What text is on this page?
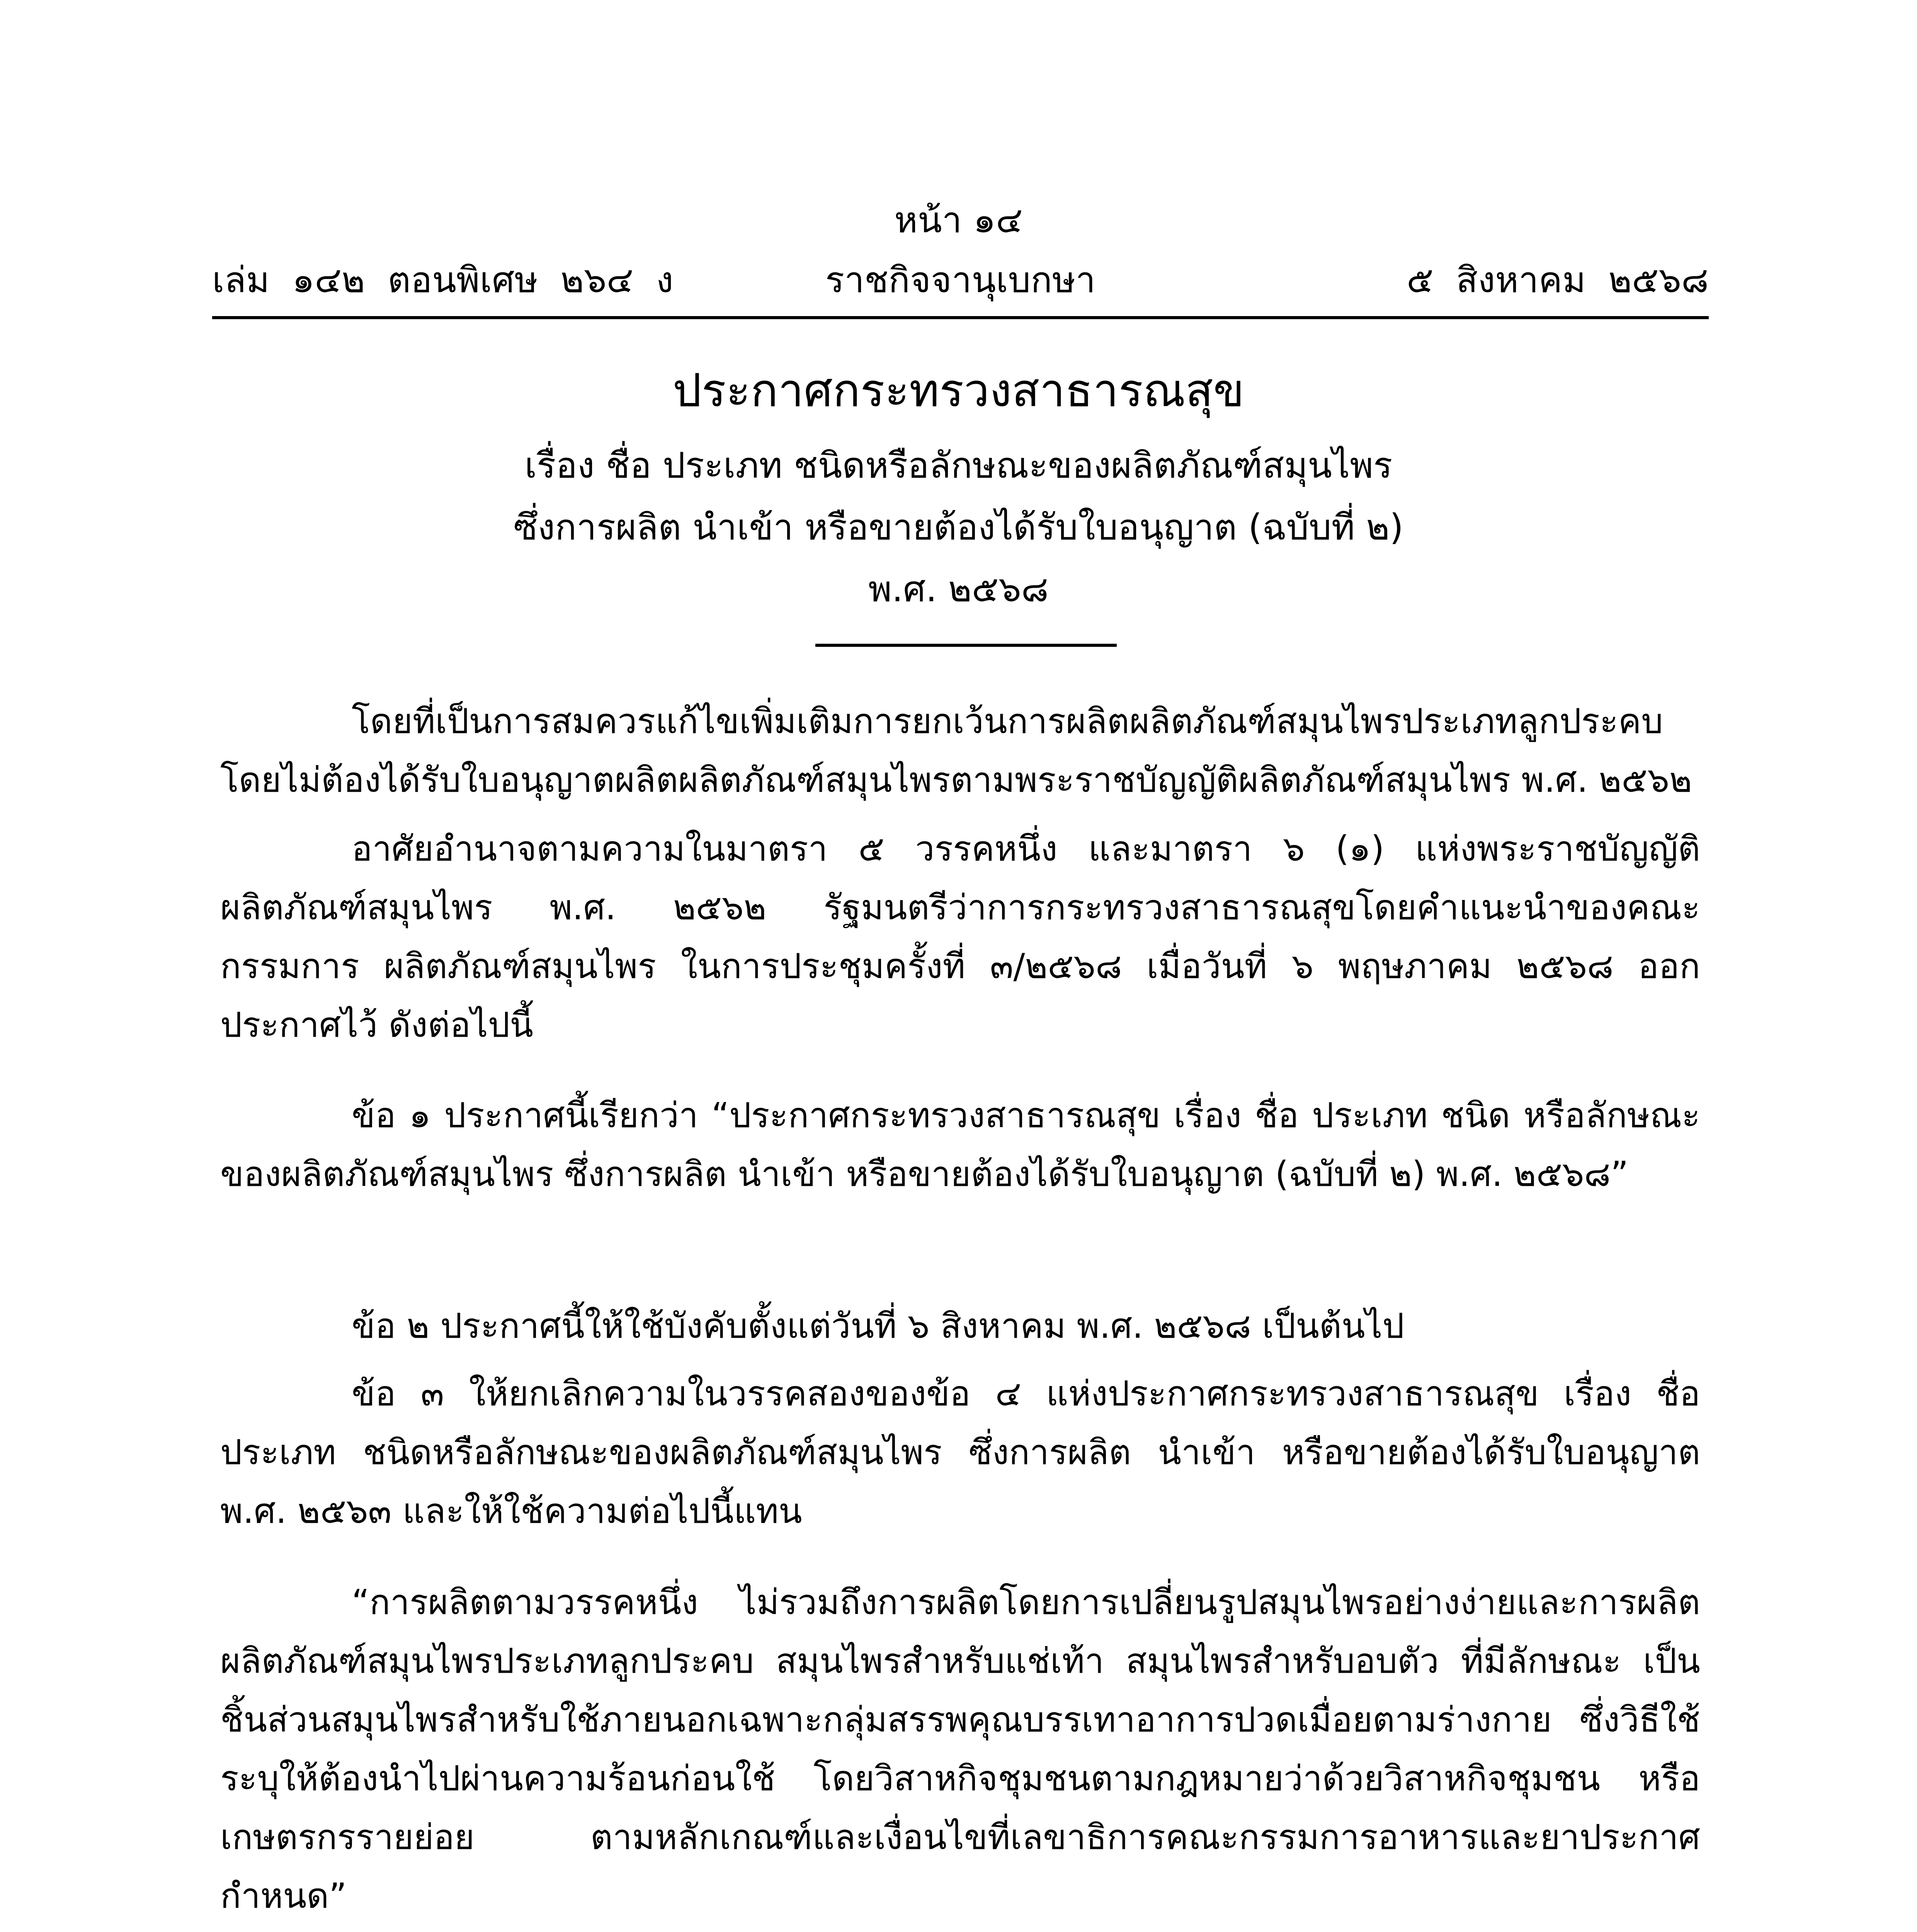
หน้า ๑๔
เล่ม  ๑๔๒  ตอนพิเศษ  ๒๖๔  ง	ราชกิจจานุเบกษา	๕  สิงหาคม  ๒๕๖๘
ประกาศกระทรวงสาธารณสุข
เรื่อง ชื่อ ประเภท ชนิดหรือลักษณะของผลิตภัณฑ์สมุนไพร
ซึ่งการผลิต นำเข้า หรือขายต้องได้รับใบอนุญาต (ฉบับที่ ๒)
พ.ศ. ๒๕๖๘
โดยที่เป็นการสมควรแก้ไขเพิ่มเติมการยกเว้นการผลิตผลิตภัณฑ์สมุนไพรประเภทลูกประคบ โดยไม่ต้องได้รับใบอนุญาตผลิตผลิตภัณฑ์สมุนไพรตามพระราชบัญญัติผลิตภัณฑ์สมุนไพร พ.ศ. ๒๕๖๒
อาศัยอำนาจตามความในมาตรา ๕ วรรคหนึ่ง และมาตรา ๖ (๑) แห่งพระราชบัญญัติ ผลิตภัณฑ์สมุนไพร พ.ศ. ๒๕๖๒ รัฐมนตรีว่าการกระทรวงสาธารณสุขโดยคำแนะนำของคณะกรรมการ ผลิตภัณฑ์สมุนไพร ในการประชุมครั้งที่ ๓/๒๕๖๘ เมื่อวันที่ ๖ พฤษภาคม ๒๕๖๘ ออกประกาศไว้ ดังต่อไปนี้
ข้อ ๑ ประกาศนี้เรียกว่า “ประกาศกระทรวงสาธารณสุข เรื่อง ชื่อ ประเภท ชนิด หรือลักษณะของผลิตภัณฑ์สมุนไพร ซึ่งการผลิต นำเข้า หรือขายต้องได้รับใบอนุญาต (ฉบับที่ ๒) พ.ศ. ๒๕๖๘”
ข้อ ๒ ประกาศนี้ให้ใช้บังคับตั้งแต่วันที่ ๖ สิงหาคม พ.ศ. ๒๕๖๘ เป็นต้นไป
ข้อ ๓ ให้ยกเลิกความในวรรคสองของข้อ ๔ แห่งประกาศกระทรวงสาธารณสุข เรื่อง ชื่อ ประเภท ชนิดหรือลักษณะของผลิตภัณฑ์สมุนไพร ซึ่งการผลิต นำเข้า หรือขายต้องได้รับใบอนุญาต พ.ศ. ๒๕๖๓ และให้ใช้ความต่อไปนี้แทน
“การผลิตตามวรรคหนึ่ง ไม่รวมถึงการผลิตโดยการเปลี่ยนรูปสมุนไพรอย่างง่ายและการผลิต ผลิตภัณฑ์สมุนไพรประเภทลูกประคบ สมุนไพรสำหรับแช่เท้า สมุนไพรสำหรับอบตัว ที่มีลักษณะ เป็นชิ้นส่วนสมุนไพรสำหรับใช้ภายนอกเฉพาะกลุ่มสรรพคุณบรรเทาอาการปวดเมื่อยตามร่างกาย ซึ่งวิธีใช้ระบุให้ต้องนำไปผ่านความร้อนก่อนใช้ โดยวิสาหกิจชุมชนตามกฎหมายว่าด้วยวิสาหกิจชุมชน หรือเกษตรกรรายย่อย ตามหลักเกณฑ์และเงื่อนไขที่เลขาธิการคณะกรรมการอาหารและยาประกาศกำหนด”
